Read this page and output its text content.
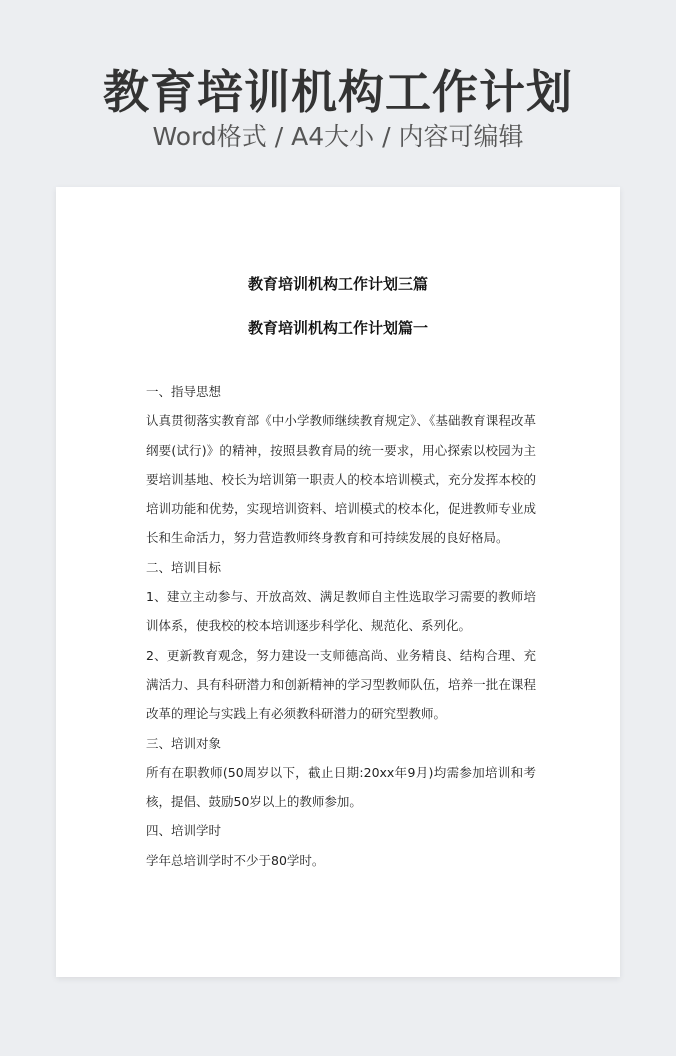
教育培训机构工作计划
Word格式 / A4大小 / 内容可编辑
教育培训机构工作计划三篇
教育培训机构工作计划篇一

一、指导思想

认真贯彻落实教育部《中小学教师继续教育规定》、《基础教育课程改革纲要(试行)》的精神，按照县教育局的统一要求，用心探索以校园为主要培训基地、校长为培训第一职责人的校本培训模式，充分发挥本校的培训功能和优势，实现培训资料、培训模式的校本化，促进教师专业成长和生命活力，努力营造教师终身教育和可持续发展的良好格局。

二、培训目标

1、建立主动参与、开放高效、满足教师自主性选取学习需要的教师培训体系，使我校的校本培训逐步科学化、规范化、系列化。

2、更新教育观念，努力建设一支师德高尚、业务精良、结构合理、充满活力、具有科研潜力和创新精神的学习型教师队伍，培养一批在课程改革的理论与实践上有必须教科研潜力的研究型教师。

三、培训对象

所有在职教师(50周岁以下，截止日期:20xx年9月)均需参加培训和考核，提倡、鼓励50岁以上的教师参加。

四、培训学时

学年总培训学时不少于80学时。
